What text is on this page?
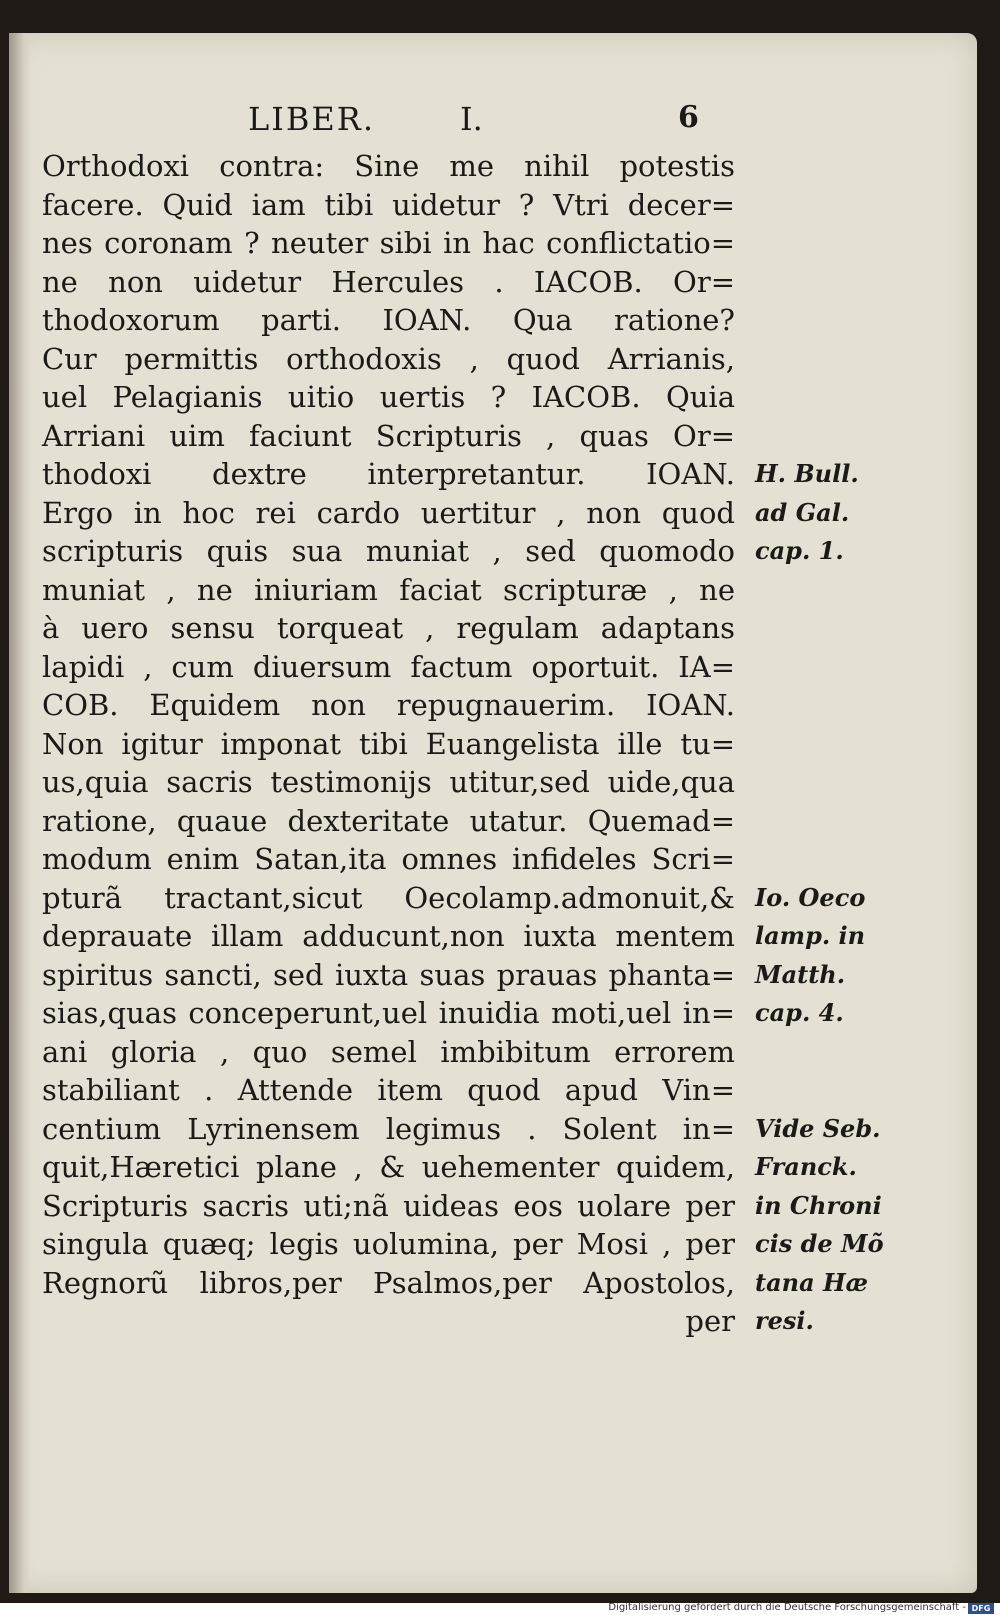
LIBER.	I.	6
Orthodoxi contra: Sine me nihil potestis
facere. Quid iam tibi uidetur ? Vtri decer=
nes coronam ? neuter sibi in hac conflictatio=
ne non uidetur Hercules . IACOB. Or=
thodoxorum parti. IOAN. Qua ratione?
Cur permittis orthodoxis , quod Arrianis,
uel Pelagianis uitio uertis ? IACOB. Quia
Arriani uim faciunt Scripturis , quas Or=
thodoxi dextre interpretantur. IOAN.
Ergo in hoc rei cardo uertitur , non quod
scripturis quis sua muniat , sed quomodo
muniat , ne iniuriam faciat scripturæ , ne
à uero sensu torqueat , regulam adaptans
lapidi , cum diuersum factum oportuit. IA=
COB. Equidem non repugnauerim. IOAN.
Non igitur imponat tibi Euangelista ille tu=
us,quia sacris testimonijs utitur,sed uide,qua
ratione, quaue dexteritate utatur. Quemad=
modum enim Satan,ita omnes infideles Scri=
pturã tractant,sicut Oecolamp.admonuit,&
deprauate illam adducunt,non iuxta mentem
spiritus sancti, sed iuxta suas prauas phanta=
sias,quas conceperunt,uel inuidia moti,uel in=
ani gloria , quo semel imbibitum errorem
stabiliant . Attende item quod apud Vin=
centium Lyrinensem legimus . Solent in=
quit,Hæretici plane , & uehementer quidem,
Scripturis sacris uti;nã uideas eos uolare per
singula quæq; legis uolumina, per Mosi , per
Regnorũ libros,per Psalmos,per Apostolos,
per
H. Bull.
ad Gal.
cap. 1.
Io. Oeco
lamp. in
Matth.
cap. 4.
Vide Seb.
Franck.
in Chroni
cis de Mõ
tana Hæ
resi.
Digitalisierung gefördert durch die Deutsche Forschungsgemeinschaft - DFG
